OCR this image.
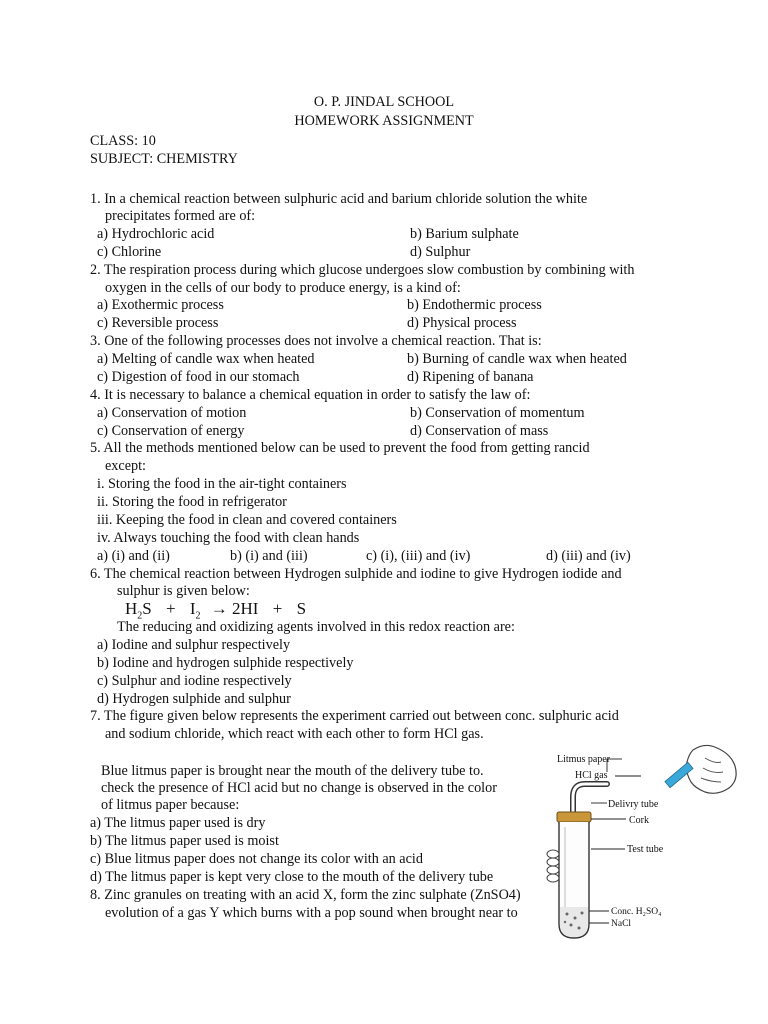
O. P. JINDAL SCHOOL
HOMEWORK ASSIGNMENT
CLASS: 10
SUBJECT: CHEMISTRY
1. In a chemical reaction between sulphuric acid and barium chloride solution the white
precipitates formed are of:
a) Hydrochloric acid	b) Barium sulphate
c) Chlorine	d) Sulphur
2. The respiration process during which glucose undergoes slow combustion by combining with
oxygen in the cells of our body to produce energy, is a kind of:
a) Exothermic process	b) Endothermic process
c) Reversible process	d) Physical process
3. One of the following processes does not involve a chemical reaction. That is:
a) Melting of candle wax when heated	b) Burning of candle wax when heated
c) Digestion of food in our stomach	d) Ripening of banana
4. It is necessary to balance a chemical equation in order to satisfy the law of:
a) Conservation of motion	b) Conservation of momentum
c) Conservation of energy	d) Conservation of mass
5. All the methods mentioned below can be used to prevent the food from getting rancid
except:
i. Storing the food in the air-tight containers
ii. Storing the food in refrigerator
iii. Keeping the food in clean and covered containers
iv. Always touching the food with clean hands
a) (i) and (ii)	b) (i) and (iii)	c) (i), (iii) and (iv)	d) (iii) and (iv)
6. The chemical reaction between Hydrogen sulphide and iodine to give Hydrogen iodide and
sulphur is given below:
$H_2S + I_2 \to 2HI + S$
The reducing and oxidizing agents involved in this redox reaction are:
a) Iodine and sulphur respectively
b) Iodine and hydrogen sulphide respectively
c) Sulphur and iodine respectively
d) Hydrogen sulphide and sulphur
7. The figure given below represents the experiment carried out between conc. sulphuric acid
and sodium chloride, which react with each other to form HCl gas.
Blue litmus paper is brought near the mouth of the delivery tube to.
check the presence of HCl acid but no change is observed in the color
of litmus paper because:
a) The litmus paper used is dry
b) The litmus paper used is moist
c) Blue litmus paper does not change its color with an acid
d) The litmus paper is kept very close to the mouth of the delivery tube
8. Zinc granules on treating with an acid X, form the zinc sulphate (ZnSO4)
evolution of a gas Y which burns with a pop sound when brought near to
Litmus paper
HCl gas
Delivry tube
Cork
Test tube
Conc. H₂SO₄
NaCl
